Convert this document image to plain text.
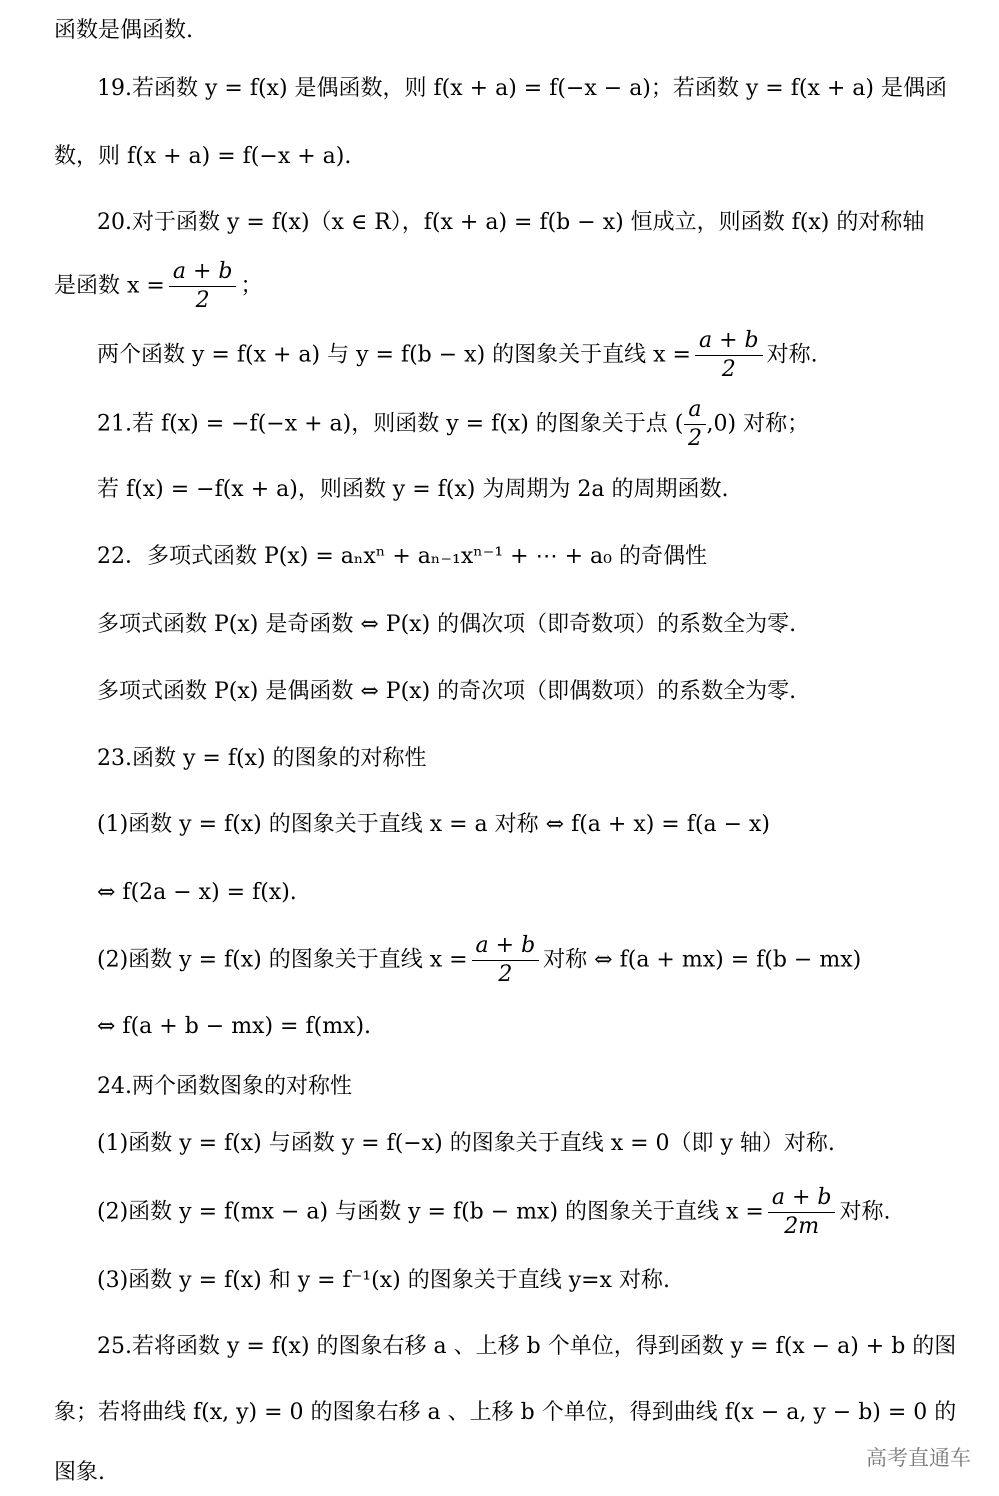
函数是偶函数.
19.若函数 y = f(x) 是偶函数，则 f(x + a) = f(−x − a)；若函数 y = f(x + a) 是偶函
数，则 f(x + a) = f(−x + a).
20.对于函数 y = f(x)（x ∈ R），f(x + a) = f(b − x) 恒成立，则函数 f(x) 的对称轴
是函数 $x = \frac{a + b}{2}$ ；
两个函数 y = f(x + a) 与 y = f(b − x) 的图象关于直线 $x = \frac{a + b}{2}$ 对称.
21.若 f(x) = −f(−x + a)，则函数 y = f(x) 的图象关于点 ( $\frac{a}{2} ,0$) 对称；
若 f(x) = −f(x + a)，则函数 y = f(x) 为周期为 2a 的周期函数.
22．多项式函数 P(x) = aₙxⁿ + aₙ₋₁xⁿ⁻¹ + ⋯ + a₀ 的奇偶性
多项式函数 P(x) 是奇函数 ⇔ P(x) 的偶次项（即奇数项）的系数全为零.
多项式函数 P(x) 是偶函数 ⇔ P(x) 的奇次项（即偶数项）的系数全为零.
23.函数 y = f(x) 的图象的对称性
(1)函数 y = f(x) 的图象关于直线 x = a 对称 ⇔ f(a + x) = f(a − x)
⇔ f(2a − x) = f(x).
(2)函数 y = f(x) 的图象关于直线 $x = \frac{a + b}{2}$ 对称 ⇔ f(a + mx) = f(b − mx)
⇔ f(a + b − mx) = f(mx).
24.两个函数图象的对称性
(1)函数 y = f(x) 与函数 y = f(−x) 的图象关于直线 x = 0（即 y 轴）对称.
(2)函数 y = f(mx − a) 与函数 y = f(b − mx) 的图象关于直线 $x = \frac{a + b}{2m}$ 对称.
(3)函数 y = f(x) 和 y = f⁻¹(x) 的图象关于直线 y=x 对称.
25.若将函数 y = f(x) 的图象右移 a 、上移 b 个单位，得到函数 y = f(x − a) + b 的图
象；若将曲线 f(x, y) = 0 的图象右移 a 、上移 b 个单位，得到曲线 f(x − a, y − b) = 0 的
图象.
高考直通车
